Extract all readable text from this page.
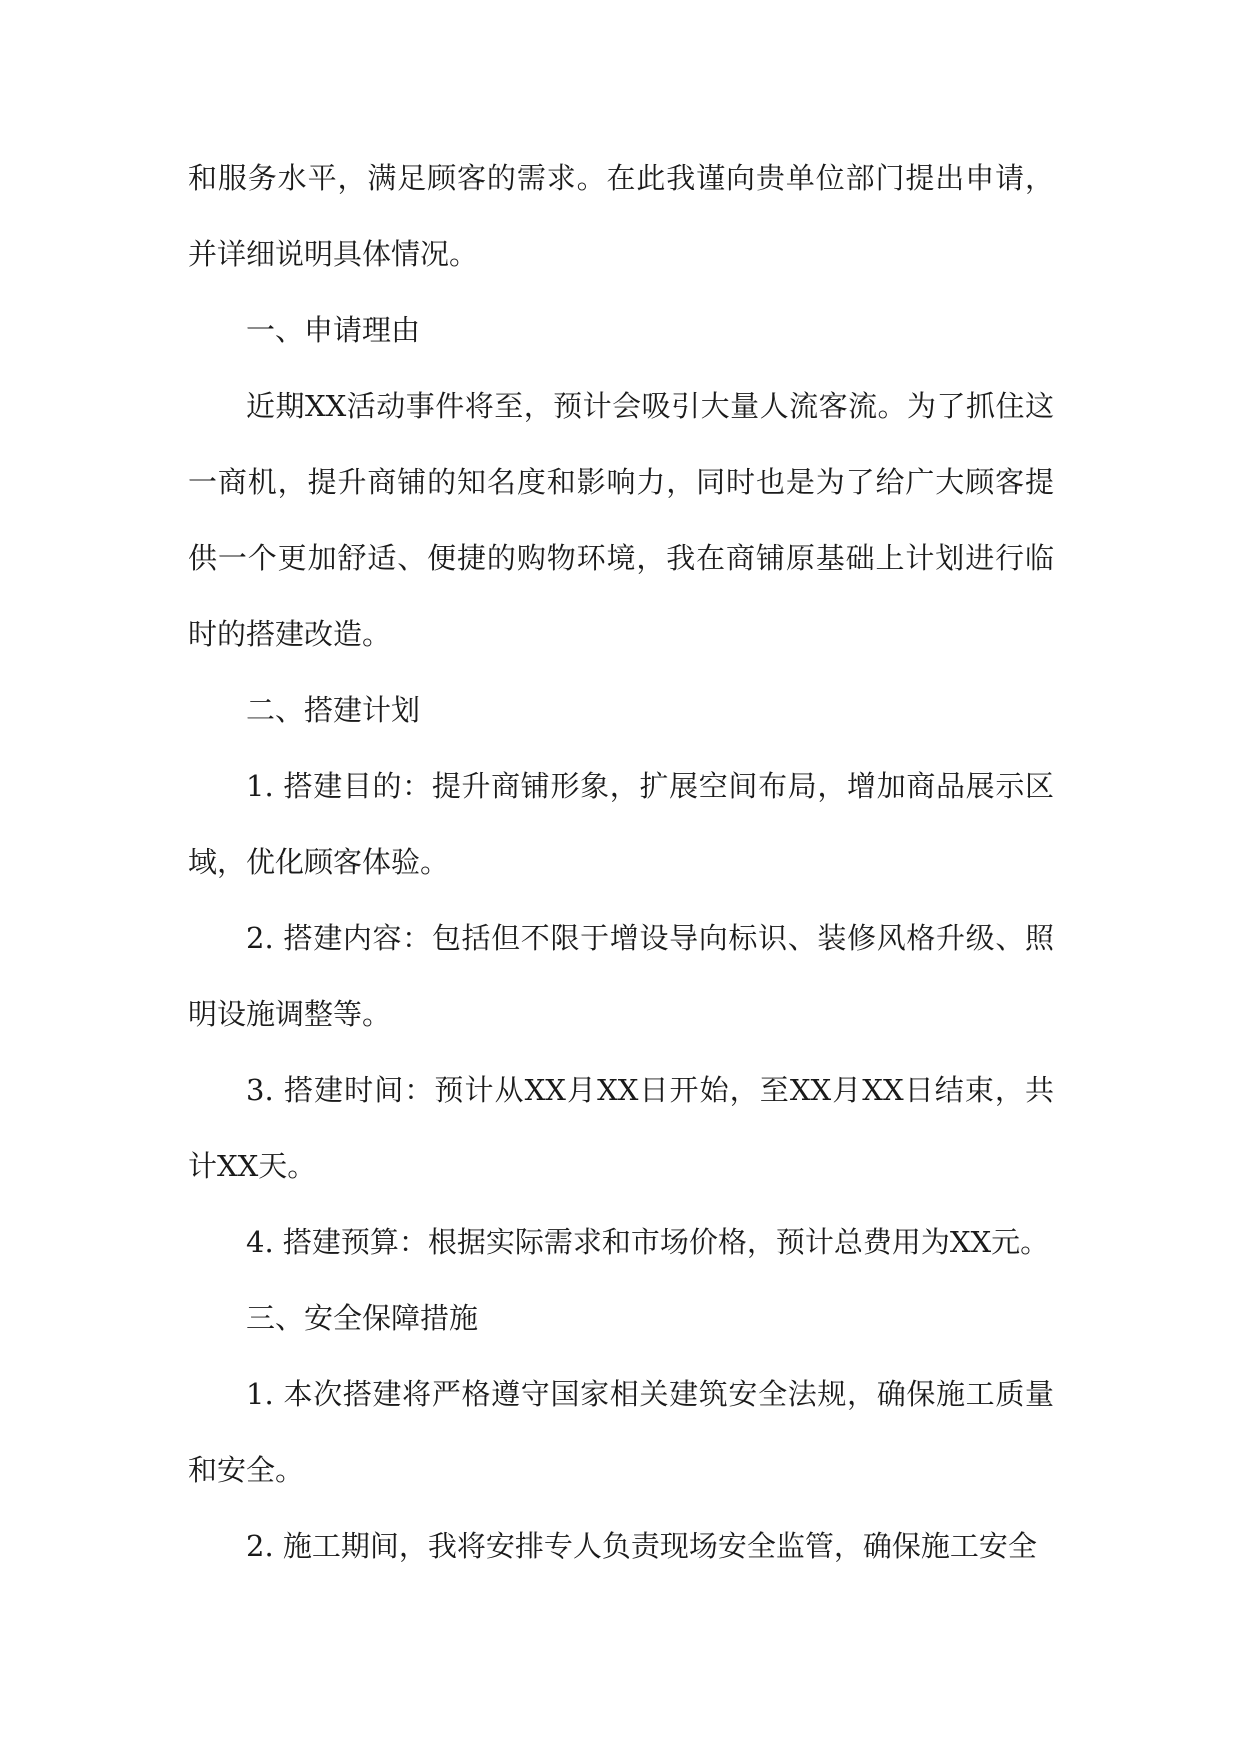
和服务水平，满足顾客的需求。在此我谨向贵单位部门提出申请，并详细说明具体情况。

一、申请理由

近期XX活动事件将至，预计会吸引大量人流客流。为了抓住这一商机，提升商铺的知名度和影响力，同时也是为了给广大顾客提供一个更加舒适、便捷的购物环境，我在商铺原基础上计划进行临时的搭建改造。

二、搭建计划

1. 搭建目的：提升商铺形象，扩展空间布局，增加商品展示区域，优化顾客体验。

2. 搭建内容：包括但不限于增设导向标识、装修风格升级、照明设施调整等。

3. 搭建时间：预计从XX月XX日开始，至XX月XX日结束，共计XX天。

4. 搭建预算：根据实际需求和市场价格，预计总费用为XX元。

三、安全保障措施

1. 本次搭建将严格遵守国家相关建筑安全法规，确保施工质量和安全。

2. 施工期间，我将安排专人负责现场安全监管，确保施工安全
